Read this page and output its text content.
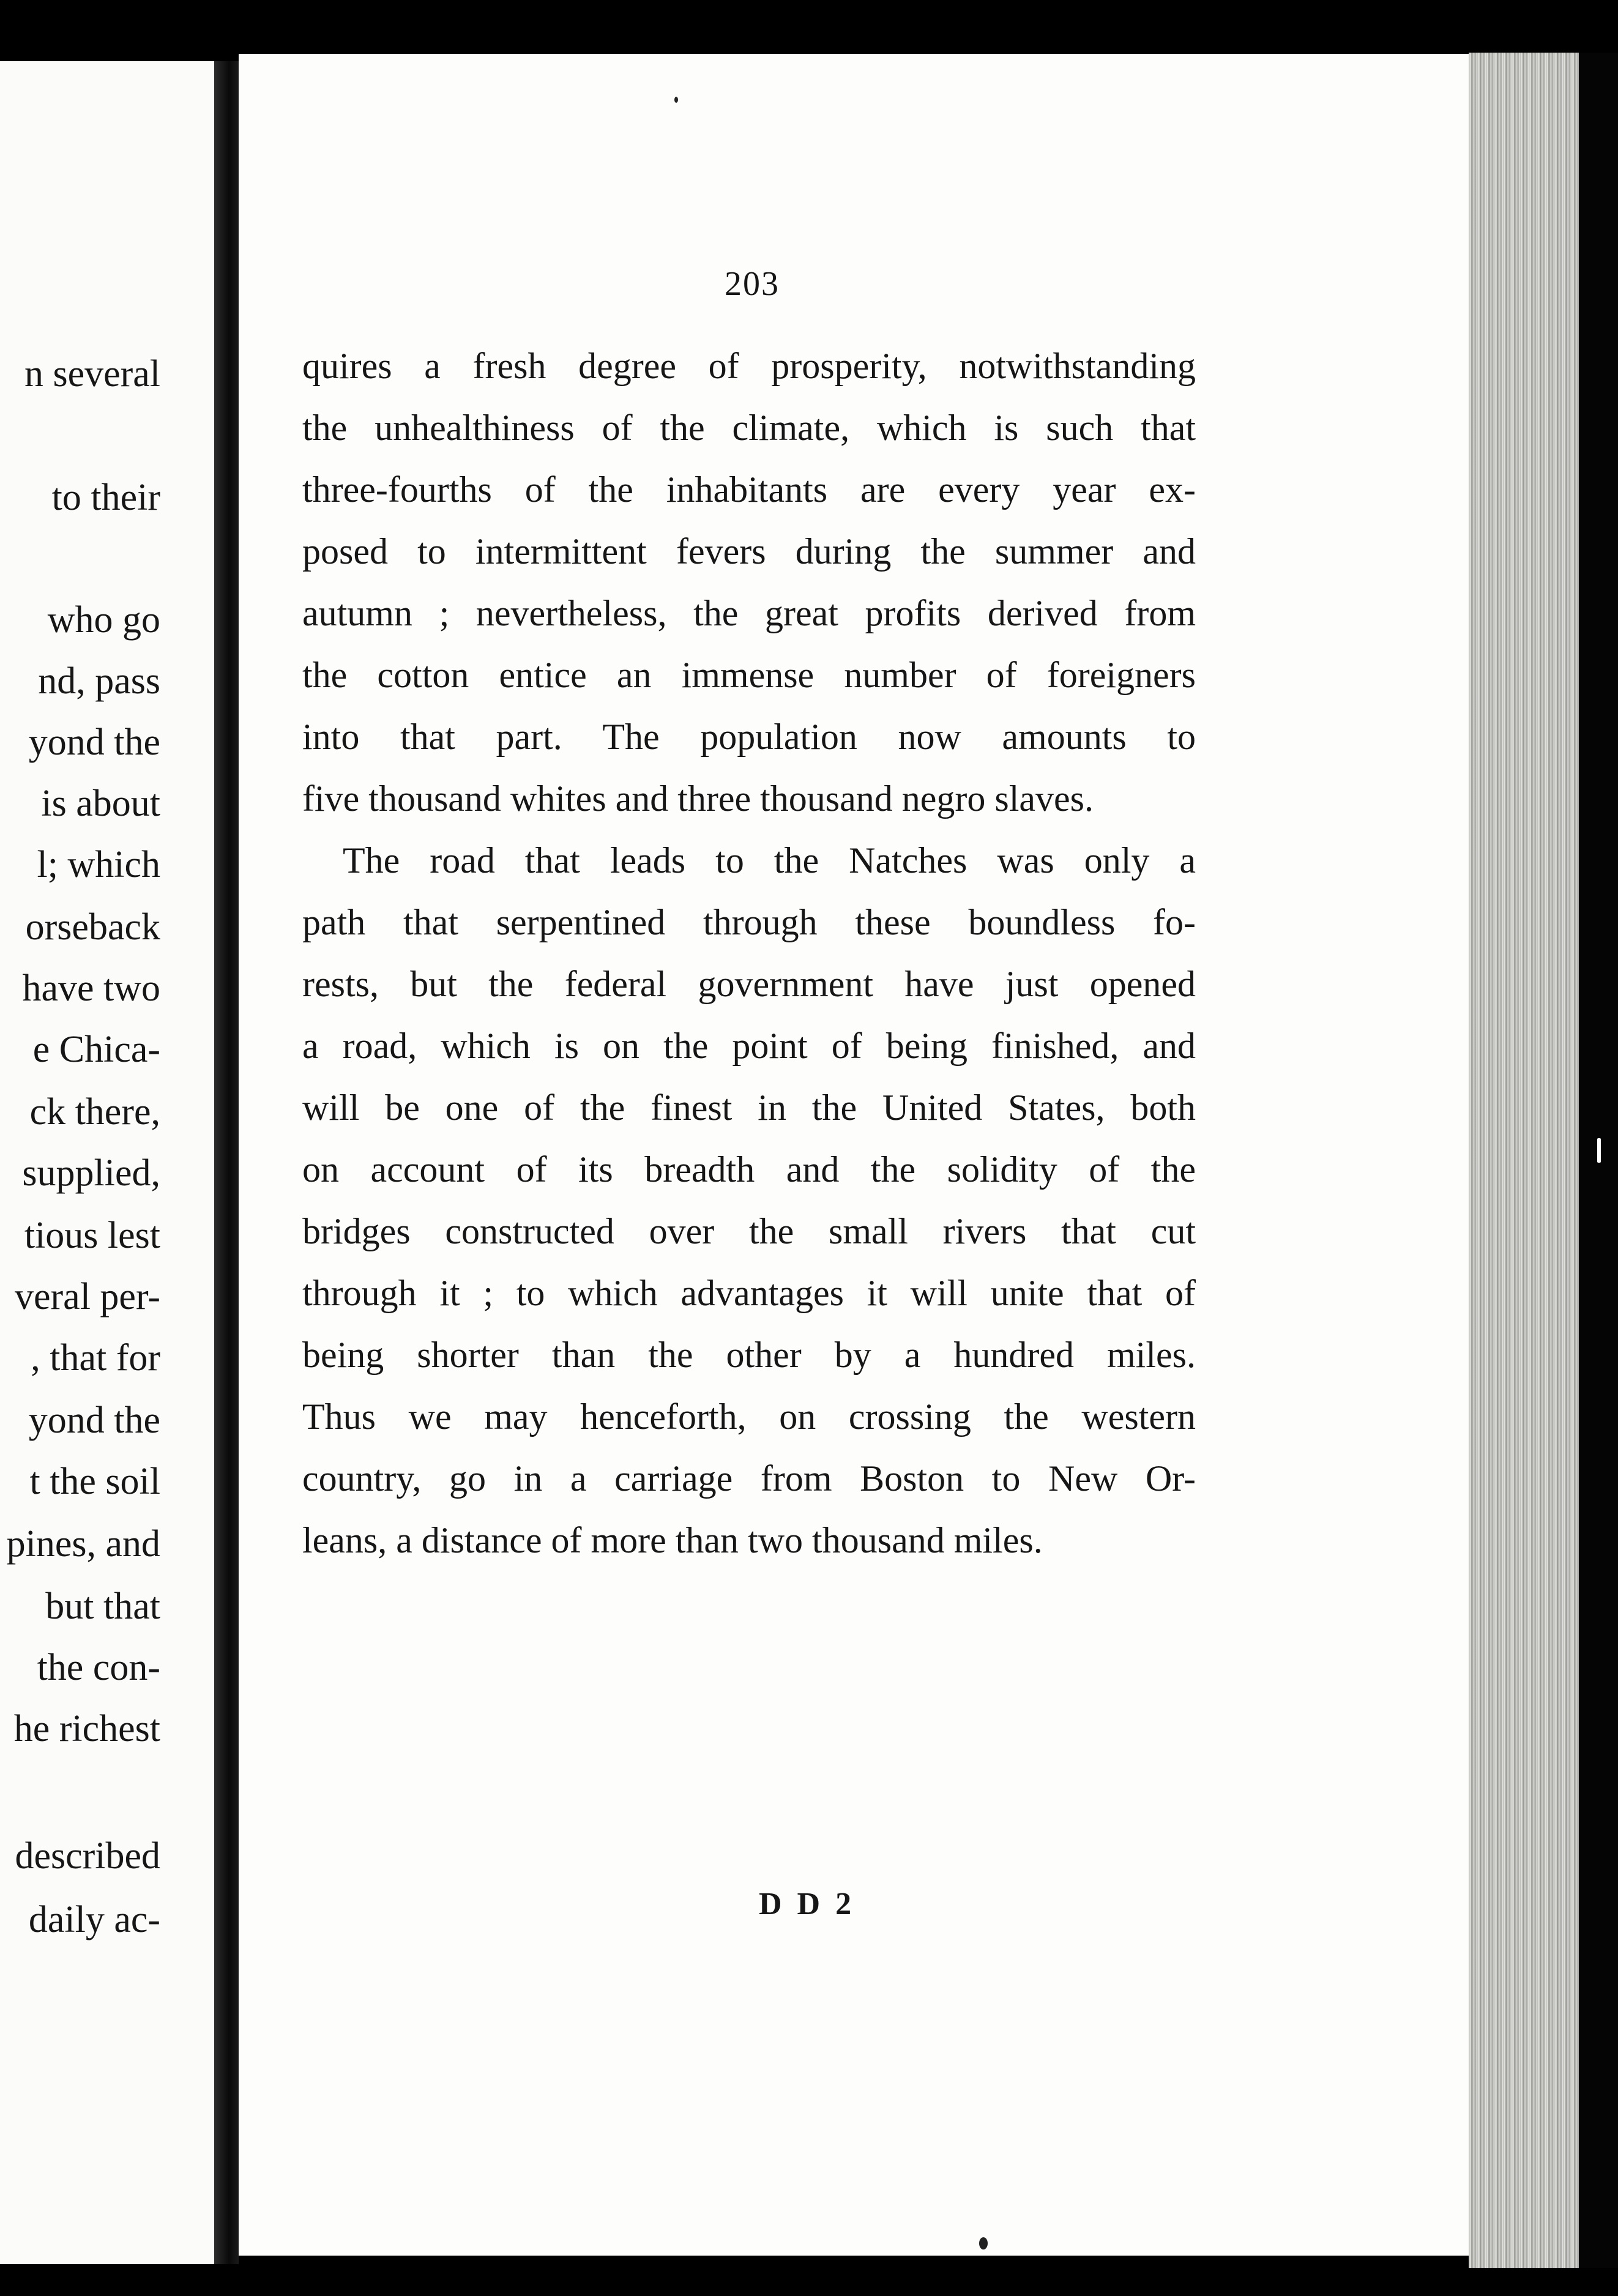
n several
to their
who go
nd, pass
yond the
is about
l; which
orseback
have two
e Chica-
ck there,
supplied,
tious lest
veral per-
, that for
yond the
t the soil
pines, and
but that
the con-
he richest
described
daily ac-
203
quires a fresh degree of prosperity, notwithstanding
the unhealthiness of the climate, which is such that
three-fourths of the inhabitants are every year ex-
posed to intermittent fevers during the summer and
autumn ; nevertheless, the great profits derived from
the cotton entice an immense number of foreigners
into that part. The population now amounts to
five thousand whites and three thousand negro slaves.
The road that leads to the Natches was only a
path that serpentined through these boundless fo-
rests, but the federal government have just opened
a road, which is on the point of being finished, and
will be one of the finest in the United States, both
on account of its breadth and the solidity of the
bridges constructed over the small rivers that cut
through it ; to which advantages it will unite that of
being shorter than the other by a hundred miles.
Thus we may henceforth, on crossing the western
country, go in a carriage from Boston to New Or-
leans, a distance of more than two thousand miles.
D D 2
